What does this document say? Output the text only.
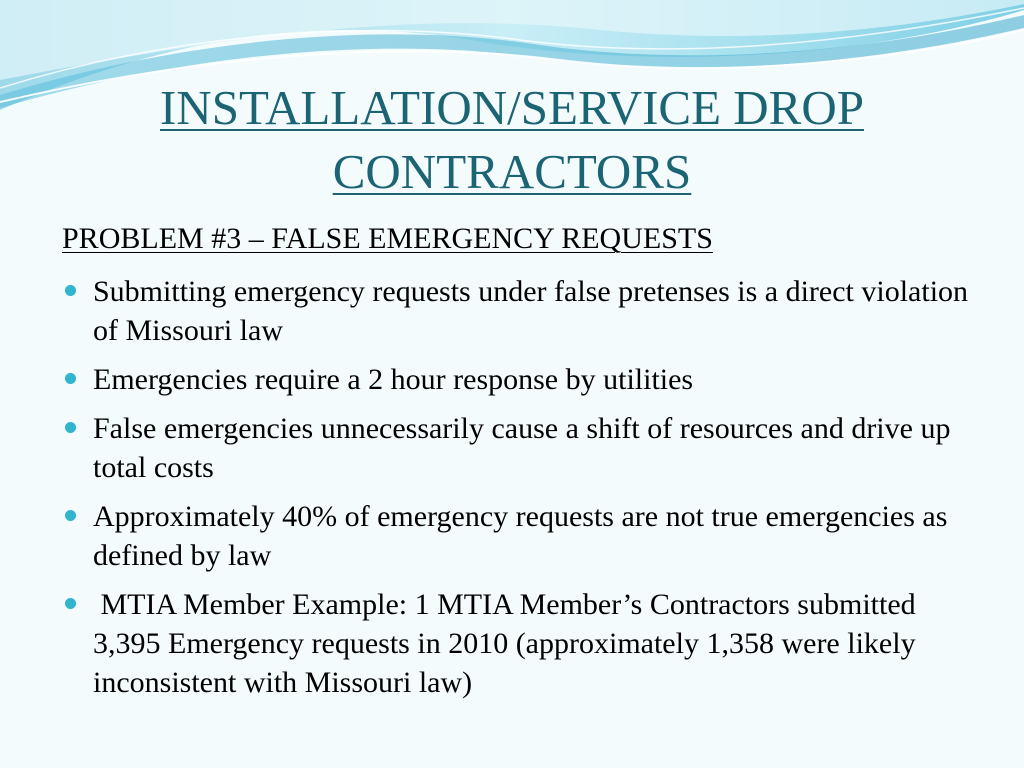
INSTALLATION/SERVICE DROP
CONTRACTORS

PROBLEM #3 – FALSE EMERGENCY REQUESTS

Submitting emergency requests under false pretenses is a direct violation of Missouri law
Emergencies require a 2 hour response by utilities
False emergencies unnecessarily cause a shift of resources and drive up total costs
Approximately 40% of emergency requests are not true emergencies as defined by law
MTIA Member Example: 1 MTIA Member’s Contractors submitted 3,395 Emergency requests in 2010 (approximately 1,358 were likely inconsistent with Missouri law)
